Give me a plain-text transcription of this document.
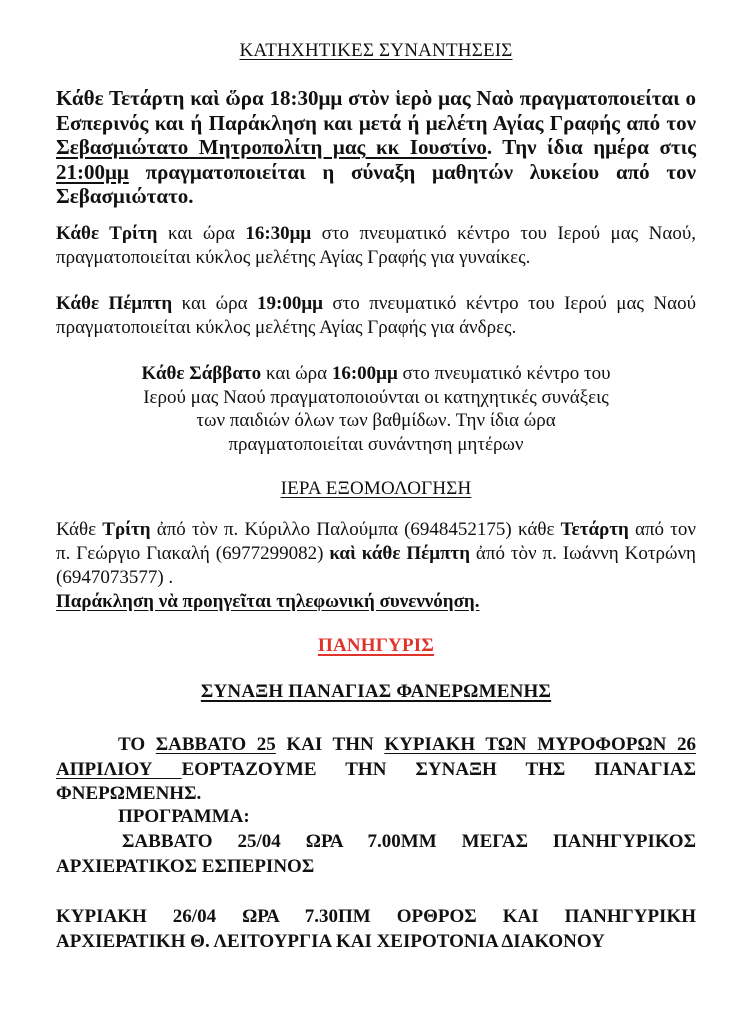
ΚΑΤΗΧΗΤΙΚΕΣ ΣΥΝΑΝΤΗΣΕΙΣ

Κάθε Τετάρτη καὶ ὥρα 18:30μμ στὸν ἱερὸ μας Ναὸ πραγματοποιείται ο Εσπερινός και ή Παράκληση και μετά ή μελέτη Αγίας Γραφής από τον Σεβασμιώτατο Μητροπολίτη μας κκ Ιουστίνο. Την ίδια ημέρα στις 21:00μμ πραγματοποιείται η σύναξη μαθητών λυκείου από τον Σεβασμιώτατο.

Κάθε Τρίτη και ώρα 16:30μμ στο πνευματικό κέντρο του Ιερού μας Ναού, πραγματοποιείται κύκλος μελέτης Αγίας Γραφής για γυναίκες.

Κάθε Πέμπτη και ώρα 19:00μμ στο πνευματικό κέντρο του Ιερού μας Ναού πραγματοποιείται κύκλος μελέτης Αγίας Γραφής για άνδρες.

Κάθε Σάββατο και ώρα 16:00μμ στο πνευματικό κέντρο του
Ιερού μας Ναού πραγματοποιούνται οι κατηχητικές συνάξεις
των παιδιών όλων των βαθμίδων. Την ίδια ώρα
πραγματοποιείται συνάντηση μητέρων

ΙΕΡΑ ΕΞΟΜΟΛΟΓΗΣΗ

Κάθε Τρίτη ἀπό τὸν π. Κύριλλο Παλούμπα (6948452175) κάθε Τετάρτη από τον π. Γεώργιο Γιακαλή (6977299082) καὶ κάθε Πέμπτη ἀπό τὸν π. Ιωάννη Κοτρώνη (6947073577) .

Παράκληση νὰ προηγεῖται τηλεφωνική συνεννόηση.

ΠΑΝΗΓΥΡΙΣ
ΣΥΝΑΞΗ ΠΑΝΑΓΙΑΣ ΦΑΝΕΡΩΜΕΝΗΣ

ΤΟ ΣΑΒΒΑΤΟ 25 ΚΑΙ ΤΗΝ ΚΥΡΙΑΚΗ ΤΩΝ ΜΥΡΟΦΟΡΩΝ 26 ΑΠΡΙΛΙΟΥ ΕΟΡΤΑΖΟΥΜΕ ΤΗΝ ΣΥΝΑΞΗ ΤΗΣ ΠΑΝΑΓΙΑΣ ΦΝΕΡΩΜΕΝΗΣ.

ΠΡΟΓΡΑΜΜΑ:

ΣΑΒΒΑΤΟ 25/04 ΩΡΑ 7.00ΜΜ ΜΕΓΑΣ ΠΑΝΗΓΥΡΙΚΟΣ ΑΡΧΙΕΡΑΤΙΚΟΣ ΕΣΠΕΡΙΝΟΣ

ΚΥΡΙΑΚΗ 26/04 ΩΡΑ 7.30ΠΜ ΟΡΘΡΟΣ ΚΑΙ ΠΑΝΗΓΥΡΙΚΗ ΑΡΧΙΕΡΑΤΙΚΗ Θ. ΛΕΙΤΟΥΡΓΙΑ ΚΑΙ ΧΕΙΡΟΤΟΝΙΑ ΔΙΑΚΟΝΟΥ
